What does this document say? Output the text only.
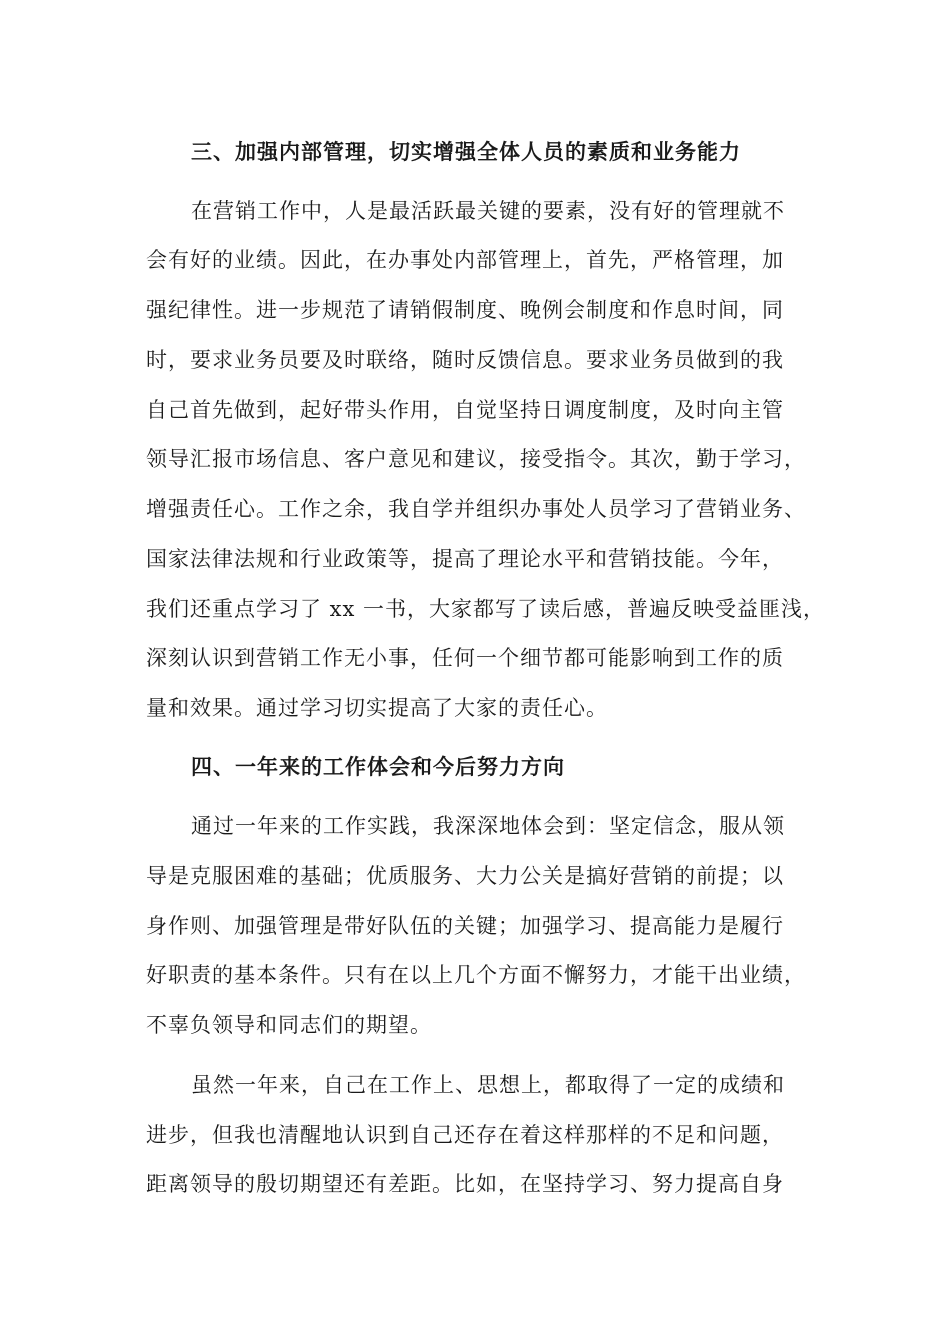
三、加强内部管理，切实增强全体人员的素质和业务能力
在营销工作中，人是最活跃最关键的要素，没有好的管理就不
会有好的业绩。因此，在办事处内部管理上，首先，严格管理，加
强纪律性。进一步规范了请销假制度、晚例会制度和作息时间，同
时，要求业务员要及时联络，随时反馈信息。要求业务员做到的我
自己首先做到，起好带头作用，自觉坚持日调度制度，及时向主管
领导汇报市场信息、客户意见和建议，接受指令。其次，勤于学习，
增强责任心。工作之余，我自学并组织办事处人员学习了营销业务、
国家法律法规和行业政策等，提高了理论水平和营销技能。今年，
我们还重点学习了 xx 一书，大家都写了读后感，普遍反映受益匪浅，
深刻认识到营销工作无小事，任何一个细节都可能影响到工作的质
量和效果。通过学习切实提高了大家的责任心。
四、一年来的工作体会和今后努力方向
通过一年来的工作实践，我深深地体会到：坚定信念，服从领
导是克服困难的基础；优质服务、大力公关是搞好营销的前提；以
身作则、加强管理是带好队伍的关键；加强学习、提高能力是履行
好职责的基本条件。只有在以上几个方面不懈努力，才能干出业绩，
不辜负领导和同志们的期望。
虽然一年来，自己在工作上、思想上，都取得了一定的成绩和
进步，但我也清醒地认识到自己还存在着这样那样的不足和问题，
距离领导的殷切期望还有差距。比如，在坚持学习、努力提高自身
